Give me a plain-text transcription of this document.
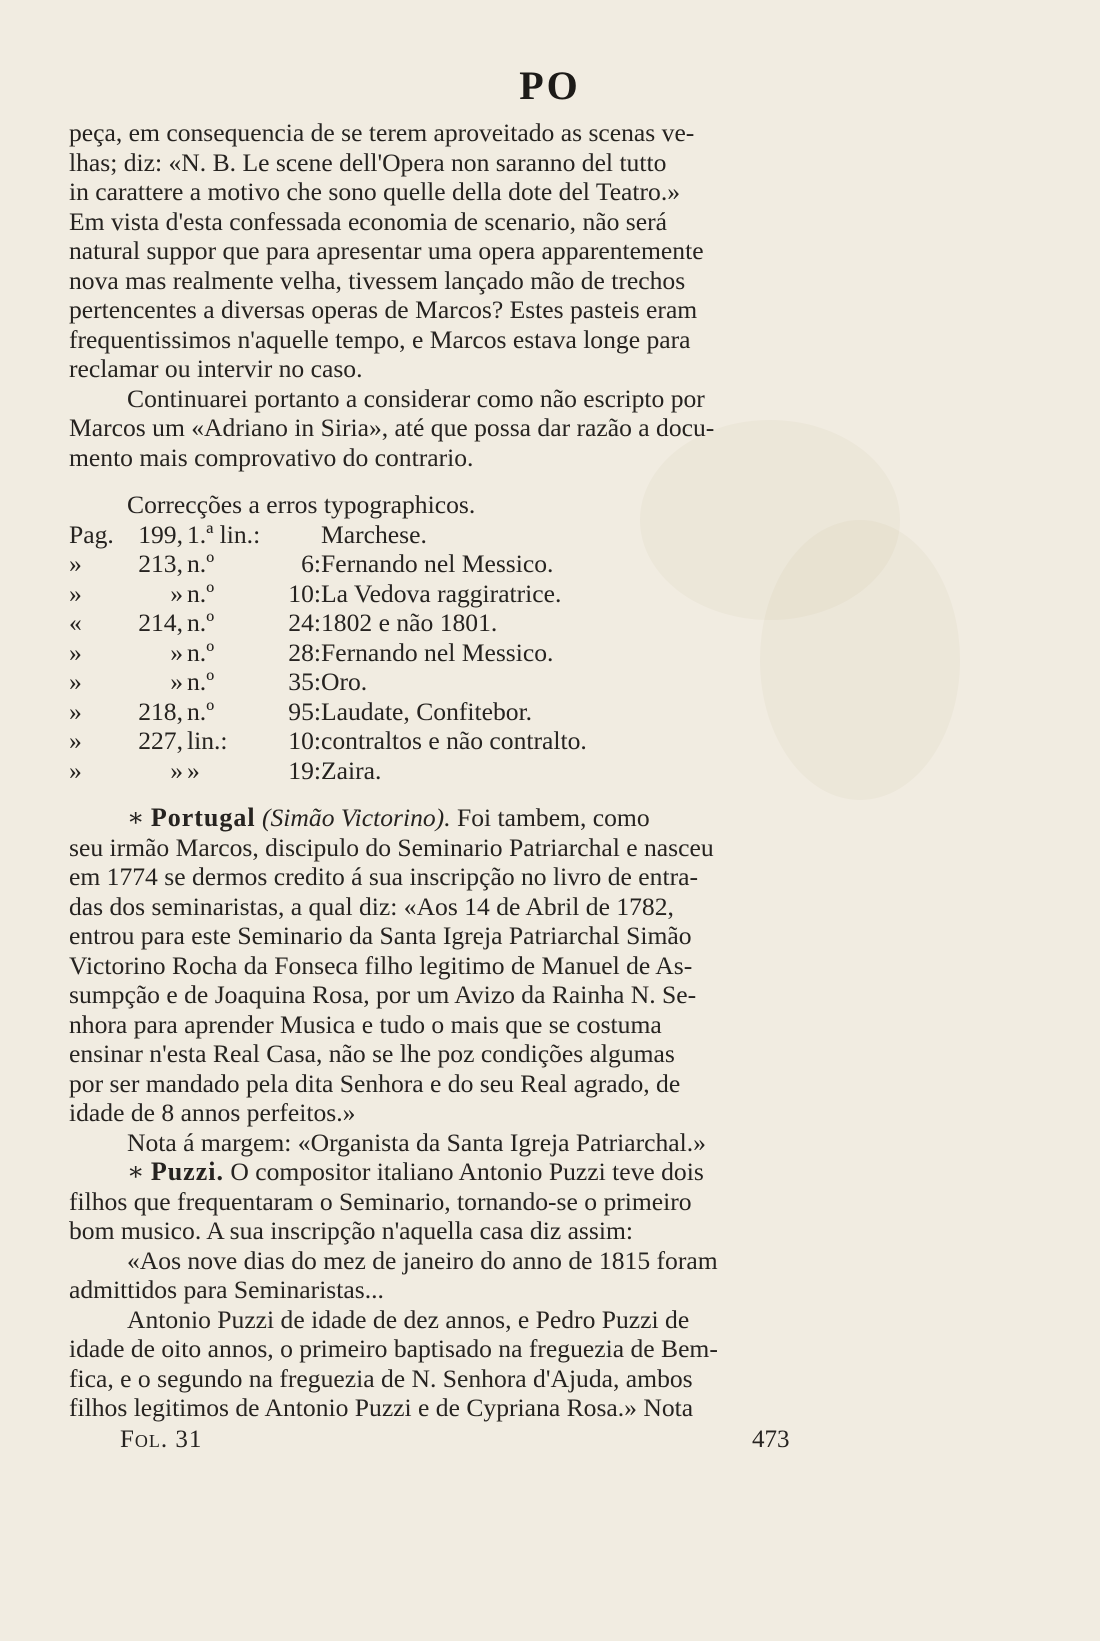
PO

peça, em consequencia de se terem aproveitado as scenas ve-

lhas; diz: «N. B. Le scene dell'Opera non saranno del tutto

in carattere a motivo che sono quelle della dote del Teatro.»

Em vista d'esta confessada economia de scenario, não será

natural suppor que para apresentar uma opera apparentemente

nova mas realmente velha, tivessem lançado mão de trechos

pertencentes a diversas operas de Marcos? Estes pasteis eram

frequentissimos n'aquelle tempo, e Marcos estava longe para

reclamar ou intervir no caso.

Continuarei portanto a considerar como não escripto por

Marcos um «Adriano in Siria», até que possa dar razão a docu-

mento mais comprovativo do contrario.

Correcções a erros typographicos.

Pag. 199, 1.ª lin.: Marchese.
»	213, n.º	6: Fernando nel Messico.
»	» n.º	10: La Vedova raggiratrice.
«	214, n.º	24: 1802 e não 1801.
»	» n.º	28: Fernando nel Messico.
»	» n.º	35: Oro.
»	218, n.º	95: Laudate, Confitebor.
»	227, lin.:	10: contraltos e não contralto.
»	» »	19: Zaira.

∗ Portugal (Simão Victorino). Foi tambem, como

seu irmão Marcos, discipulo do Seminario Patriarchal e nasceu

em 1774 se dermos credito á sua inscripção no livro de entra-

das dos seminaristas, a qual diz: «Aos 14 de Abril de 1782,

entrou para este Seminario da Santa Igreja Patriarchal Simão

Victorino Rocha da Fonseca filho legitimo de Manuel de As-

sumpção e de Joaquina Rosa, por um Avizo da Rainha N. Se-

nhora para aprender Musica e tudo o mais que se costuma

ensinar n'esta Real Casa, não se lhe poz condições algumas

por ser mandado pela dita Senhora e do seu Real agrado, de

idade de 8 annos perfeitos.»

Nota á margem: «Organista da Santa Igreja Patriarchal.»

∗ Puzzi. O compositor italiano Antonio Puzzi teve dois

filhos que frequentaram o Seminario, tornando-se o primeiro

bom musico. A sua inscripção n'aquella casa diz assim:

«Aos nove dias do mez de janeiro do anno de 1815 foram

admittidos para Seminaristas...

Antonio Puzzi de idade de dez annos, e Pedro Puzzi de

idade de oito annos, o primeiro baptisado na freguezia de Bem-

fica, e o segundo na freguezia de N. Senhora d'Ajuda, ambos

filhos legitimos de Antonio Puzzi e de Cypriana Rosa.» Nota

Fol. 31	473
